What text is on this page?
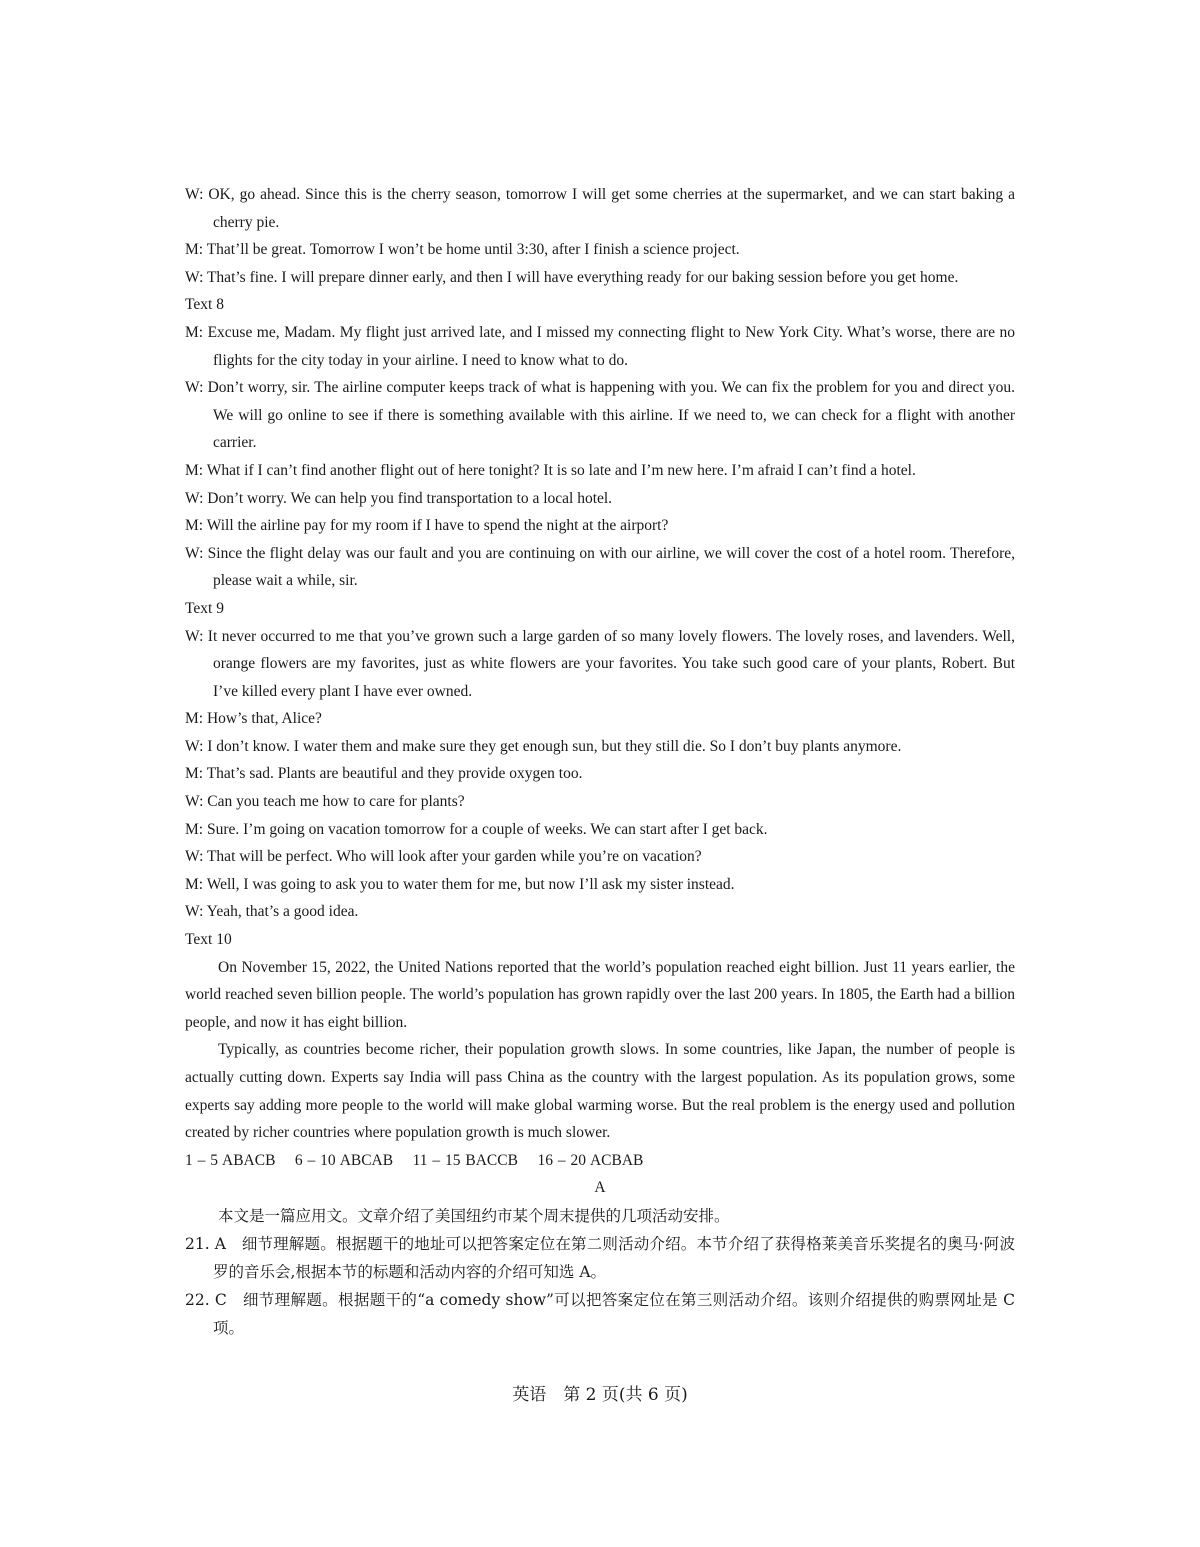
W: OK, go ahead. Since this is the cherry season, tomorrow I will get some cherries at the supermarket, and we can start baking a cherry pie.

M: That’ll be great. Tomorrow I won’t be home until 3:30, after I finish a science project.

W: That’s fine. I will prepare dinner early, and then I will have everything ready for our baking session before you get home.

Text 8

M: Excuse me, Madam. My flight just arrived late, and I missed my connecting flight to New York City. What’s worse, there are no flights for the city today in your airline. I need to know what to do.

W: Don’t worry, sir. The airline computer keeps track of what is happening with you. We can fix the problem for you and direct you. We will go online to see if there is something available with this airline. If we need to, we can check for a flight with another carrier.

M: What if I can’t find another flight out of here tonight? It is so late and I’m new here. I’m afraid I can’t find a hotel.

W: Don’t worry. We can help you find transportation to a local hotel.

M: Will the airline pay for my room if I have to spend the night at the airport?

W: Since the flight delay was our fault and you are continuing on with our airline, we will cover the cost of a hotel room. Therefore, please wait a while, sir.

Text 9

W: It never occurred to me that you’ve grown such a large garden of so many lovely flowers. The lovely roses, and lavenders. Well, orange flowers are my favorites, just as white flowers are your favorites. You take such good care of your plants, Robert. But I’ve killed every plant I have ever owned.

M: How’s that, Alice?

W: I don’t know. I water them and make sure they get enough sun, but they still die. So I don’t buy plants anymore.

M: That’s sad. Plants are beautiful and they provide oxygen too.

W: Can you teach me how to care for plants?

M: Sure. I’m going on vacation tomorrow for a couple of weeks. We can start after I get back.

W: That will be perfect. Who will look after your garden while you’re on vacation?

M: Well, I was going to ask you to water them for me, but now I’ll ask my sister instead.

W: Yeah, that’s a good idea.

Text 10

On November 15, 2022, the United Nations reported that the world’s population reached eight billion. Just 11 years earlier, the world reached seven billion people. The world’s population has grown rapidly over the last 200 years. In 1805, the Earth had a billion people, and now it has eight billion.

Typically, as countries become richer, their population growth slows. In some countries, like Japan, the number of people is actually cutting down. Experts say India will pass China as the country with the largest population. As its population grows, some experts say adding more people to the world will make global warming worse. But the real problem is the energy used and pollution created by richer countries where population growth is much slower.

1 – 5 ABACB    6 – 10 ABCAB    11 – 15 BACCB    16 – 20 ACBAB

A

本文是一篇应用文。文章介绍了美国纽约市某个周末提供的几项活动安排。

21. A　 细节理解题。根据题干的地址可以把答案定位在第二则活动介绍。本节介绍了获得格莱美音乐奖提名的奥马·阿波罗的音乐会,根据本节的标题和活动内容的介绍可知选 A。

22. C　 细节理解题。根据题干的“a comedy show”可以把答案定位在第三则活动介绍。该则介绍提供的购票网址是 C 项。

英语　第 2 页(共 6 页)
